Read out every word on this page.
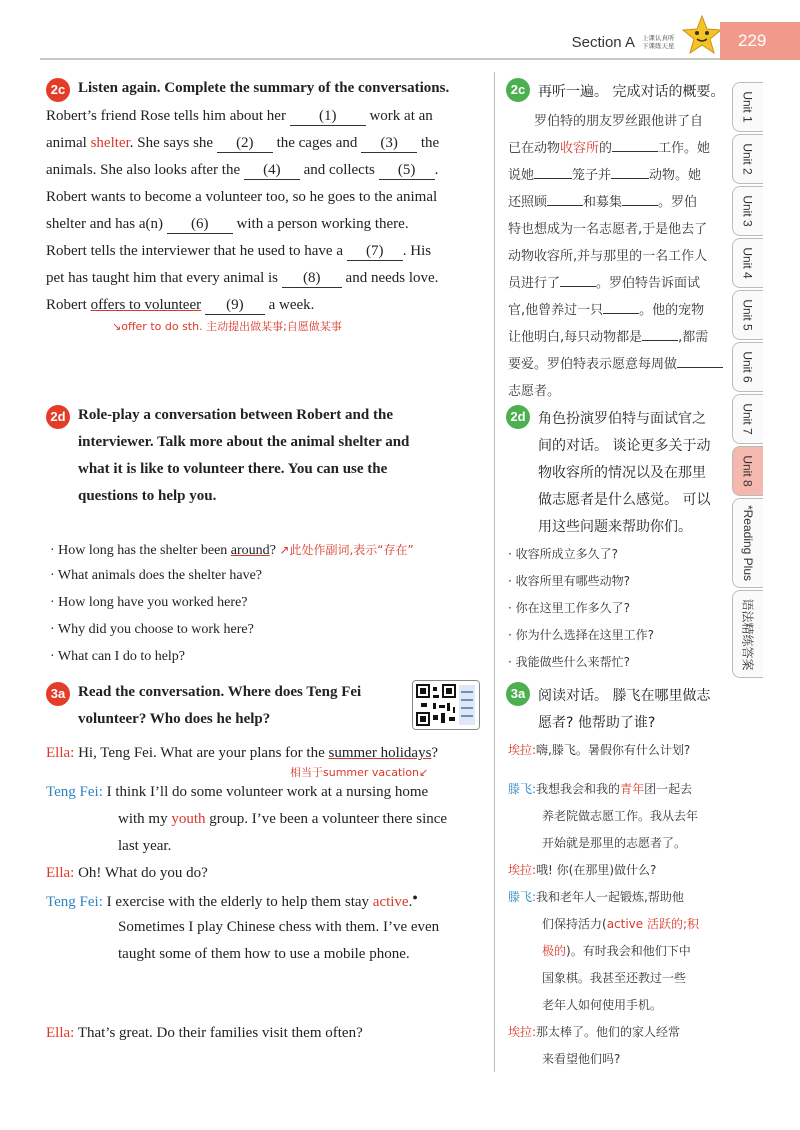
Section A 上课认真听
下课练天星	229
Unit 1
Unit 2
Unit 3
Unit 4
Unit 5
Unit 6
Unit 7
Unit 8
*Reading Plus
语法精练答案
2c Listen again. Complete the summary of the conversations.
Robert’s friend Rose tells him about her (1) work at an
animal shelter. She says she (2) the cages and (3) the
animals. She also looks after the (4) and collects (5) .
Robert wants to become a volunteer too, so he goes to the animal
shelter and has a(n) (6) with a person working there.
Robert tells the interviewer that he used to have a (7) . His
pet has taught him that every animal is (8) and needs love.
Robert offers to volunteer (9) a week.
↘offer to do sth. 主动提出做某事;自愿做某事
2c 再听一遍。 完成对话的概要。
罗伯特的朋友罗丝跟他讲了自
已在动物收容所的	工作。她
说她	笼子并	动物。她
还照顾	和募集	。罗伯
特也想成为一名志愿者,于是他去了
动物收容所,并与那里的一名工作人
员进行了	。罗伯特告诉面试
官,他曾养过一只	。他的宠物
让他明白,每只动物都是	,都需
要爱。罗伯特表示愿意每周做
志愿者。
2d Role-play a conversation between Robert and the
interviewer. Talk more about the animal shelter and
what it is like to volunteer there. You can use the
questions to help you.
· How long has the shelter been around? ↗此处作副词,表示“存在”
· What animals does the shelter have?
· How long have you worked here?
· Why did you choose to work here?
· What can I do to help?
2d 角色扮演罗伯特与面试官之
间的对话。 谈论更多关于动
物收容所的情况以及在那里
做志愿者是什么感觉。 可以
用这些问题来帮助你们。
· 收容所成立多久了?
· 收容所里有哪些动物?
· 你在这里工作多久了?
· 你为什么选择在这里工作?
· 我能做些什么来帮忙?
3a Read the conversation. Where does Teng Fei
volunteer? Who does he help?
Ella: Hi, Teng Fei. What are your plans for the summer holidays?
相当于summer vacation↙
Teng Fei: I think I’ll do some volunteer work at a nursing home
with my youth group. I’ve been a volunteer there since
last year.
Ella: Oh! What do you do?
Teng Fei: I exercise with the elderly to help them stay active.●
Sometimes I play Chinese chess with them. I’ve even
taught some of them how to use a mobile phone.
Ella: That’s great. Do their families visit them often?
3a 阅读对话。 滕飞在哪里做志
愿者? 他帮助了谁?
埃拉:嗨,滕飞。暑假你有什么计划?
滕飞:我想我会和我的青年团一起去
养老院做志愿工作。我从去年
开始就是那里的志愿者了。
埃拉:哦! 你(在那里)做什么?
滕飞:我和老年人一起锻炼,帮助他
们保持活力(active 活跃的;积
极的)。有时我会和他们下中
国象棋。我甚至还教过一些
老年人如何使用手机。
埃拉:那太棒了。他们的家人经常
来看望他们吗?
